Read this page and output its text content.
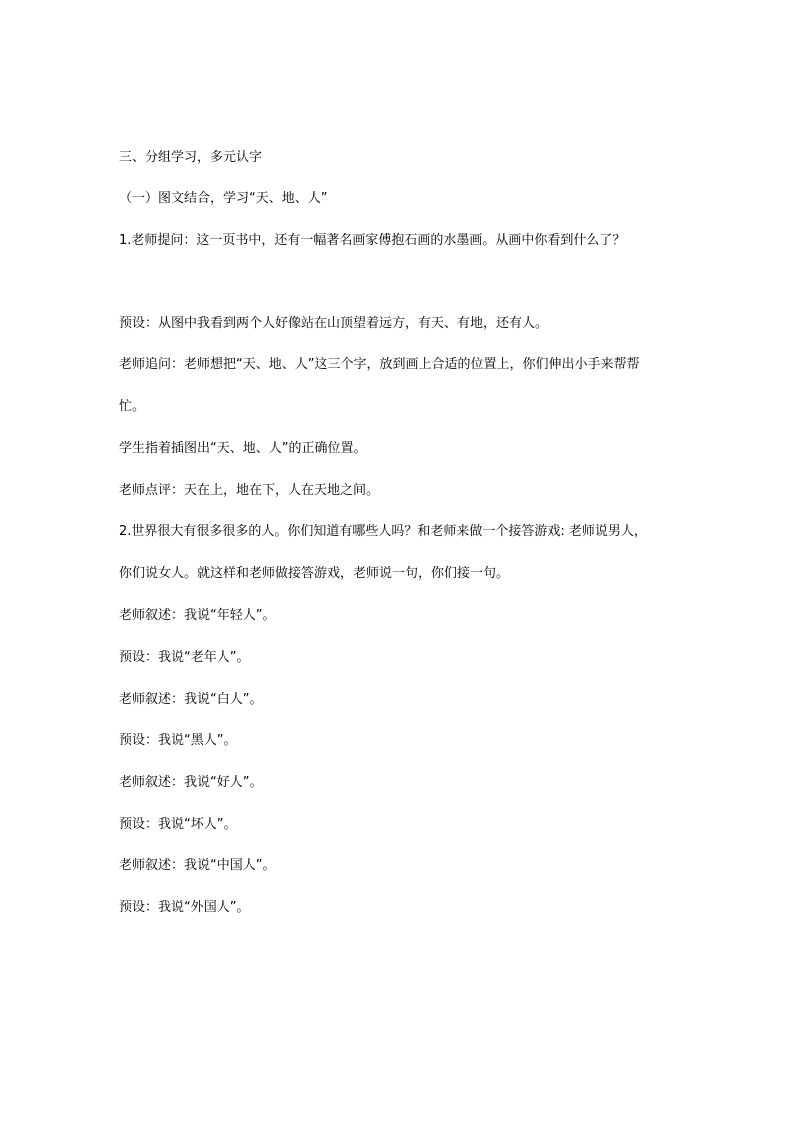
三、分组学习，多元认字

（一）图文结合，学习“天、地、人”

1.老师提问：这一页书中，还有一幅著名画家傅抱石画的水墨画。从画中你看到什么了？

预设：从图中我看到两个人好像站在山顶望着远方，有天、有地，还有人。

老师追问：老师想把“天、地、人”这三个字，放到画上合适的位置上，你们伸出小手来帮帮

忙。

学生指着插图出“天、地、人”的正确位置。

老师点评：天在上，地在下，人在天地之间。

2.世界很大有很多很多的人。你们知道有哪些人吗？和老师来做一个接答游戏: 老师说男人，

你们说女人。就这样和老师做接答游戏，老师说一句，你们接一句。

老师叙述：我说“年轻人”。

预设：我说“老年人”。

老师叙述：我说“白人”。

预设：我说“黑人”。

老师叙述：我说“好人”。

预设：我说“坏人”。

老师叙述：我说“中国人”。

预设：我说“外国人”。
